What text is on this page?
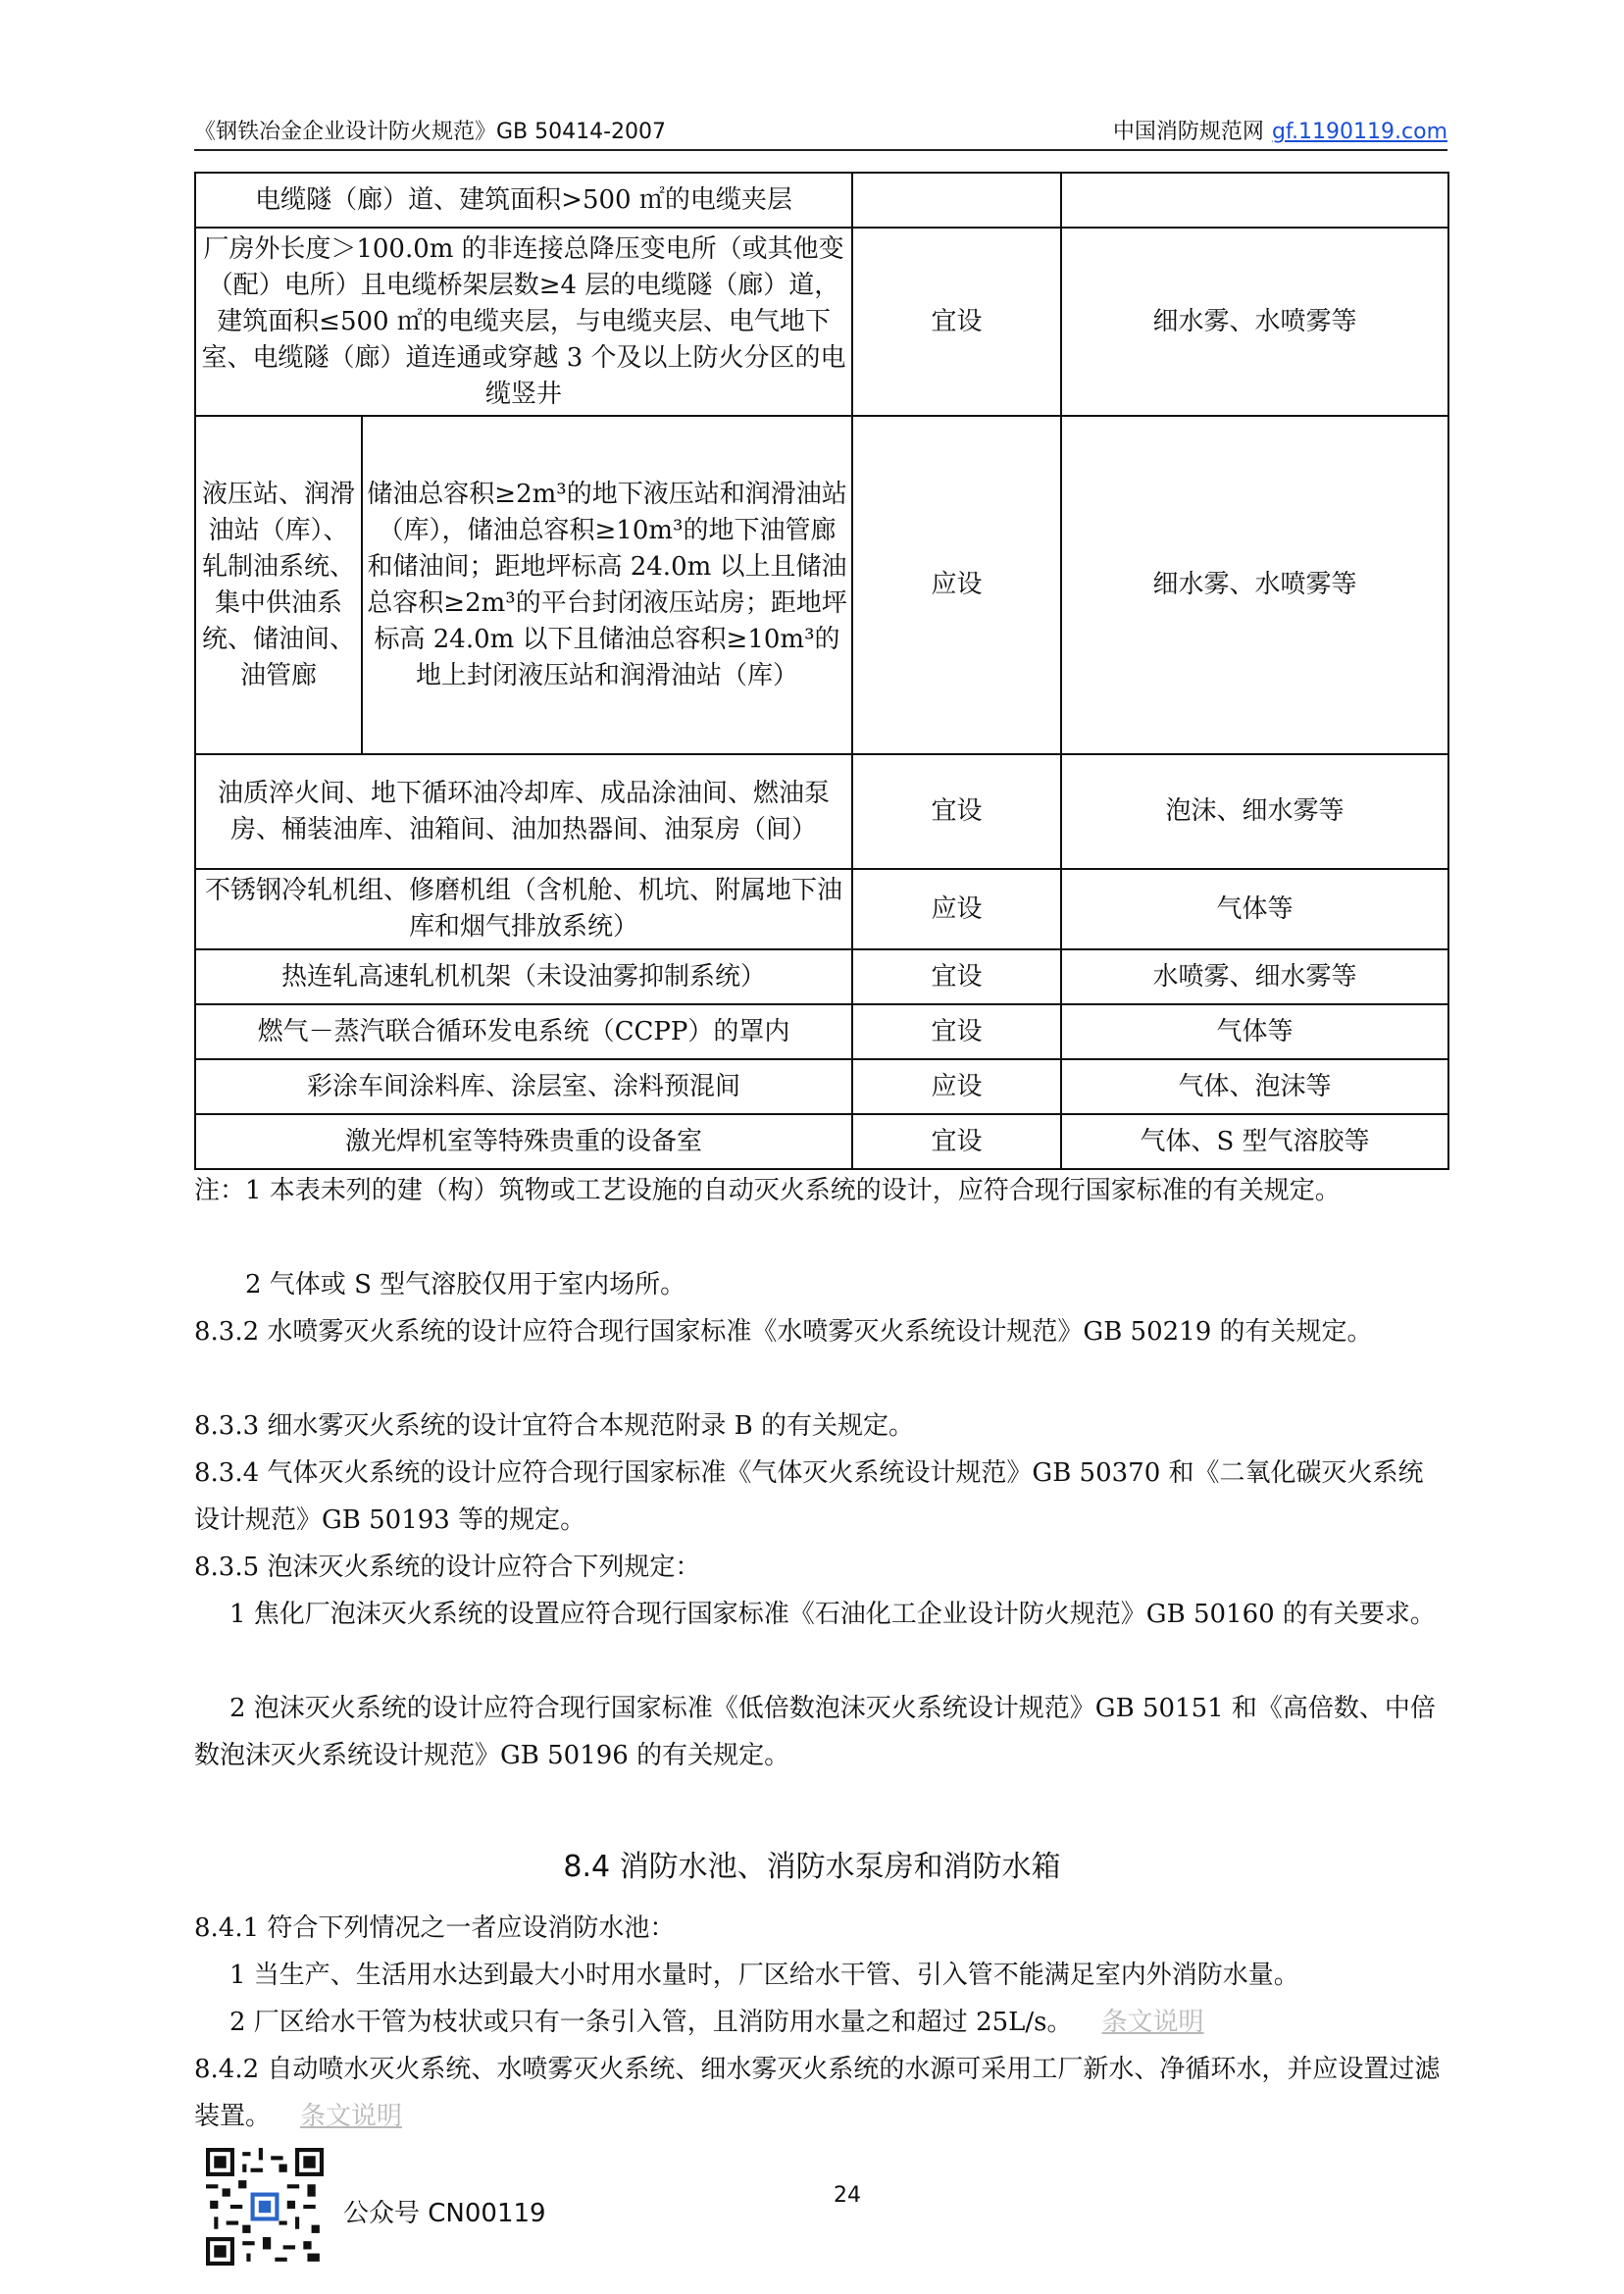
《钢铁冶金企业设计防火规范》GB 50414-2007	中国消防规范网 gf.1190119.com
电缆隧（廊）道、建筑面积>500 ㎡的电缆夹层			
厂房外长度＞100.0m 的非连接总降压变电所（或其他变（配）电所）且电缆桥架层数≥4 层的电缆隧（廊）道，建筑面积≤500 ㎡的电缆夹层，与电缆夹层、电气地下室、电缆隧（廊）道连通或穿越 3 个及以上防火分区的电缆竖井		宜设	细水雾、水喷雾等
液压站、润滑油站（库）、轧制油系统、集中供油系统、储油间、油管廊	储油总容积≥2m³的地下液压站和润滑油站（库），储油总容积≥10m³的地下油管廊和储油间；距地坪标高 24.0m 以上且储油总容积≥2m³的平台封闭液压站房；距地坪标高 24.0m 以下且储油总容积≥10m³的地上封闭液压站和润滑油站（库）	应设	细水雾、水喷雾等
油质淬火间、地下循环油冷却库、成品涂油间、燃油泵房、桶装油库、油箱间、油加热器间、油泵房（间）		宜设	泡沫、细水雾等
不锈钢冷轧机组、修磨机组（含机舱、机坑、附属地下油库和烟气排放系统）		应设	气体等
热连轧高速轧机机架（未设油雾抑制系统）		宜设	水喷雾、细水雾等
燃气－蒸汽联合循环发电系统（CCPP）的罩内		宜设	气体等
彩涂车间涂料库、涂层室、涂料预混间		应设	气体、泡沫等
激光焊机室等特殊贵重的设备室		宜设	气体、S 型气溶胶等
注：1 本表未列的建（构）筑物或工艺设施的自动灭火系统的设计，应符合现行国家标准的有关规定。
2 气体或 S 型气溶胶仅用于室内场所。
8.3.2 水喷雾灭火系统的设计应符合现行国家标准《水喷雾灭火系统设计规范》GB 50219 的有关规定。
8.3.3 细水雾灭火系统的设计宜符合本规范附录 B 的有关规定。
8.3.4 气体灭火系统的设计应符合现行国家标准《气体灭火系统设计规范》GB 50370 和《二氧化碳灭火系统设计规范》GB 50193 等的规定。
8.3.5 泡沫灭火系统的设计应符合下列规定：
1 焦化厂泡沫灭火系统的设置应符合现行国家标准《石油化工企业设计防火规范》GB 50160 的有关要求。
2 泡沫灭火系统的设计应符合现行国家标准《低倍数泡沫灭火系统设计规范》GB 50151 和《高倍数、中倍数泡沫灭火系统设计规范》GB 50196 的有关规定。
8.4 消防水池、消防水泵房和消防水箱
8.4.1 符合下列情况之一者应设消防水池：
1 当生产、生活用水达到最大小时用水量时，厂区给水干管、引入管不能满足室内外消防水量。
2 厂区给水干管为枝状或只有一条引入管，且消防用水量之和超过 25L/s。 条文说明
8.4.2 自动喷水灭火系统、水喷雾灭火系统、细水雾灭火系统的水源可采用工厂新水、净循环水，并应设置过滤装置。 条文说明
公众号 CN00119
24
